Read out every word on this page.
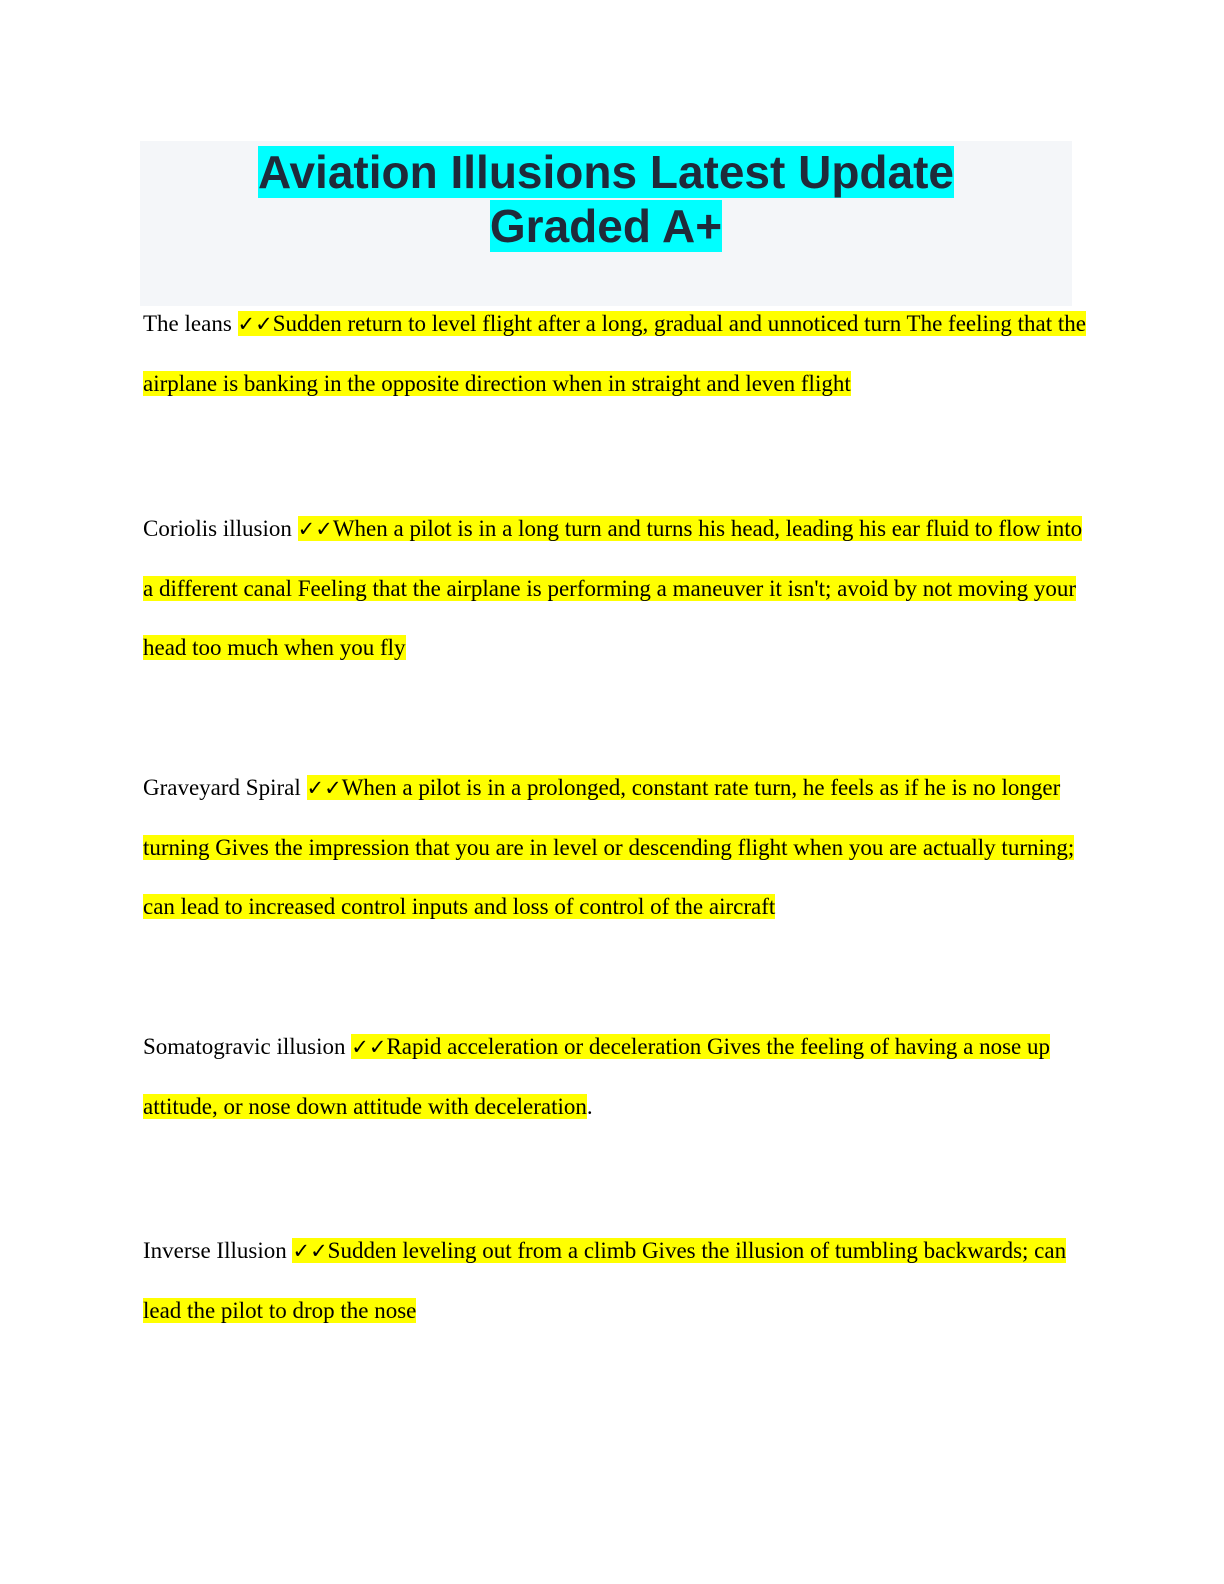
Aviation Illusions Latest Update
Graded A+

The leans ✓✓Sudden return to level flight after a long, gradual and unnoticed turn The feeling that the airplane is banking in the opposite direction when in straight and leven flight

Coriolis illusion ✓✓When a pilot is in a long turn and turns his head, leading his ear fluid to flow into a different canal Feeling that the airplane is performing a maneuver it isn't; avoid by not moving your head too much when you fly

Graveyard Spiral ✓✓When a pilot is in a prolonged, constant rate turn, he feels as if he is no longer turning Gives the impression that you are in level or descending flight when you are actually turning; can lead to increased control inputs and loss of control of the aircraft

Somatogravic illusion ✓✓Rapid acceleration or deceleration Gives the feeling of having a nose up attitude, or nose down attitude with deceleration.

Inverse Illusion ✓✓Sudden leveling out from a climb Gives the illusion of tumbling backwards; can lead the pilot to drop the nose
